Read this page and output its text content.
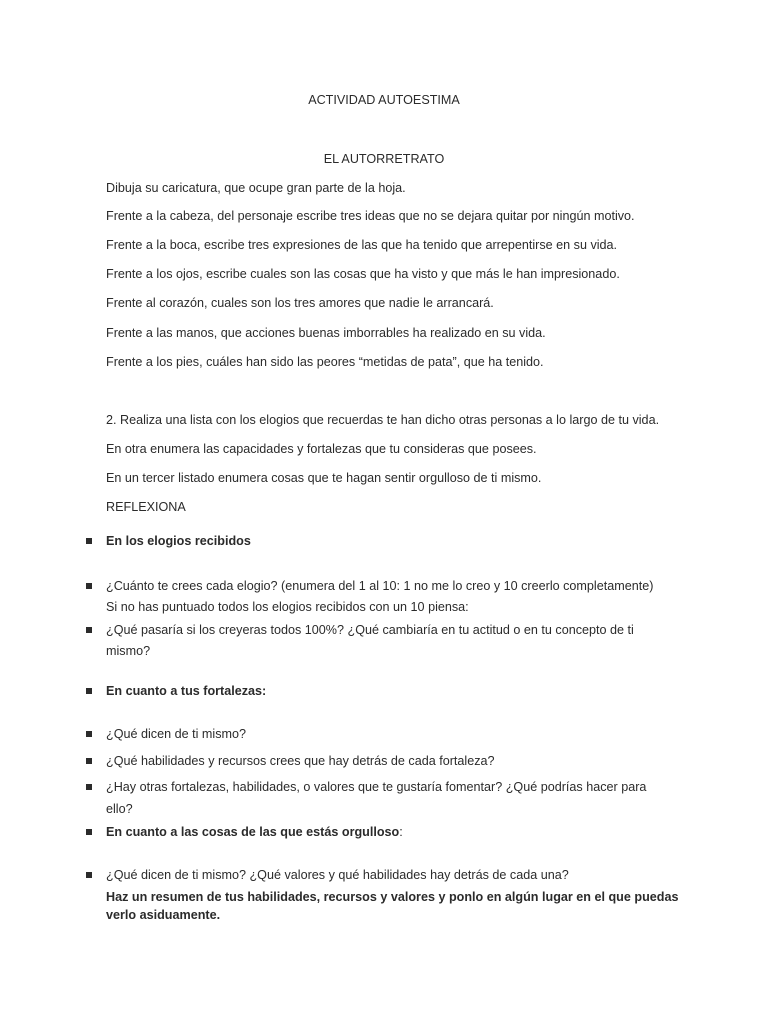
ACTIVIDAD AUTOESTIMA
EL AUTORRETRATO
Dibuja su caricatura, que ocupe gran parte de la hoja.
Frente a la cabeza, del personaje escribe tres ideas que no se dejara quitar por ningún motivo.
Frente a la boca, escribe tres expresiones de las que ha tenido que arrepentirse en su vida.
Frente a los ojos, escribe cuales son las cosas que ha visto y que más le han impresionado.
Frente al corazón, cuales son los tres amores que nadie le arrancará.
Frente a las manos, que acciones buenas imborrables ha realizado en su vida.
Frente a los pies, cuáles han sido las peores “metidas de pata”, que ha tenido.
2. Realiza una lista con los elogios que recuerdas te han dicho otras personas a lo largo de tu vida.
En otra enumera las capacidades y fortalezas que tu consideras que posees.
En un tercer listado enumera cosas que te hagan sentir orgulloso de ti mismo.
REFLEXIONA
En los elogios recibidos
¿Cuánto te crees cada elogio? (enumera del 1 al 10: 1 no me lo creo y 10 creerlo completamente)
Si no has puntuado todos los elogios recibidos con un 10 piensa:
¿Qué pasaría si los creyeras todos 100%? ¿Qué cambiaría en tu actitud o en tu concepto de ti
mismo?
En cuanto a tus fortalezas:
¿Qué dicen de ti mismo?
¿Qué habilidades y recursos crees que hay detrás de cada fortaleza?
¿Hay otras fortalezas, habilidades, o valores que te gustaría fomentar? ¿Qué podrías hacer para
ello?
En cuanto a las cosas de las que estás orgulloso:
¿Qué dicen de ti mismo? ¿Qué valores y qué habilidades hay detrás de cada una?
Haz un resumen de tus habilidades, recursos y valores y ponlo en algún lugar en el que puedas
verlo asiduamente.
